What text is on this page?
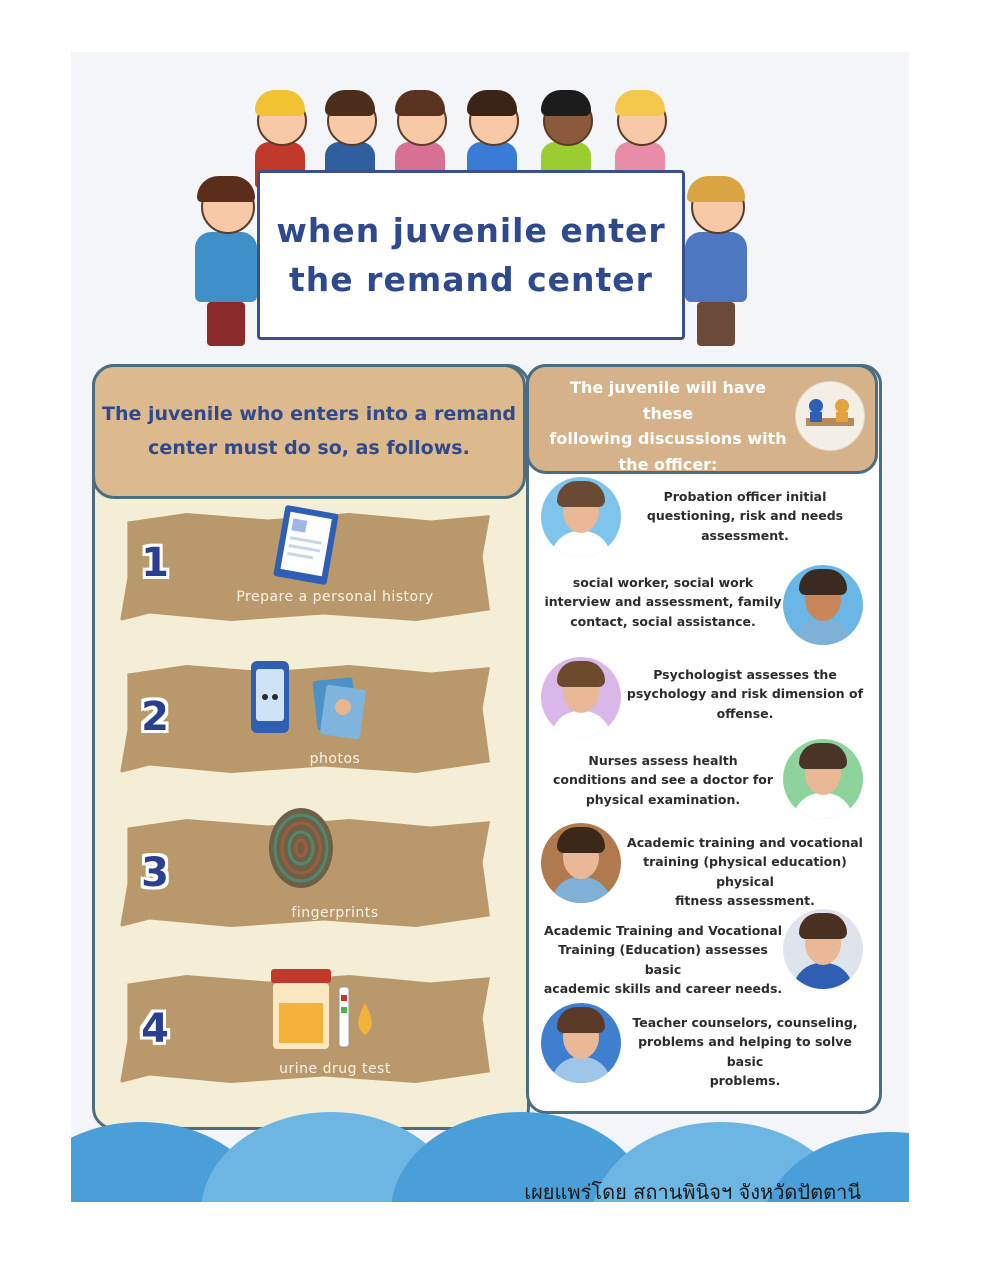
when juvenile enter
the remand center
The juvenile who enters into a remand
center must do so, as follows.
1
Prepare a personal history
2
photos
3
fingerprints
4
urine drug test
The juvenile will have these
following discussions with
the officer:
Probation officer initial
questioning, risk and needs
assessment.
social worker, social work
interview and assessment, family
contact, social assistance.
Psychologist assesses the
psychology and risk dimension of
offense.
Nurses assess health
conditions and see a doctor for
physical examination.
Academic training and vocational
training (physical education) physical
fitness assessment.
Academic Training and Vocational
Training (Education) assesses basic
academic skills and career needs.
Teacher counselors, counseling,
problems and helping to solve basic
problems.
เผยแพร่โดย สถานพินิจฯ จังหวัดปัตตานี
